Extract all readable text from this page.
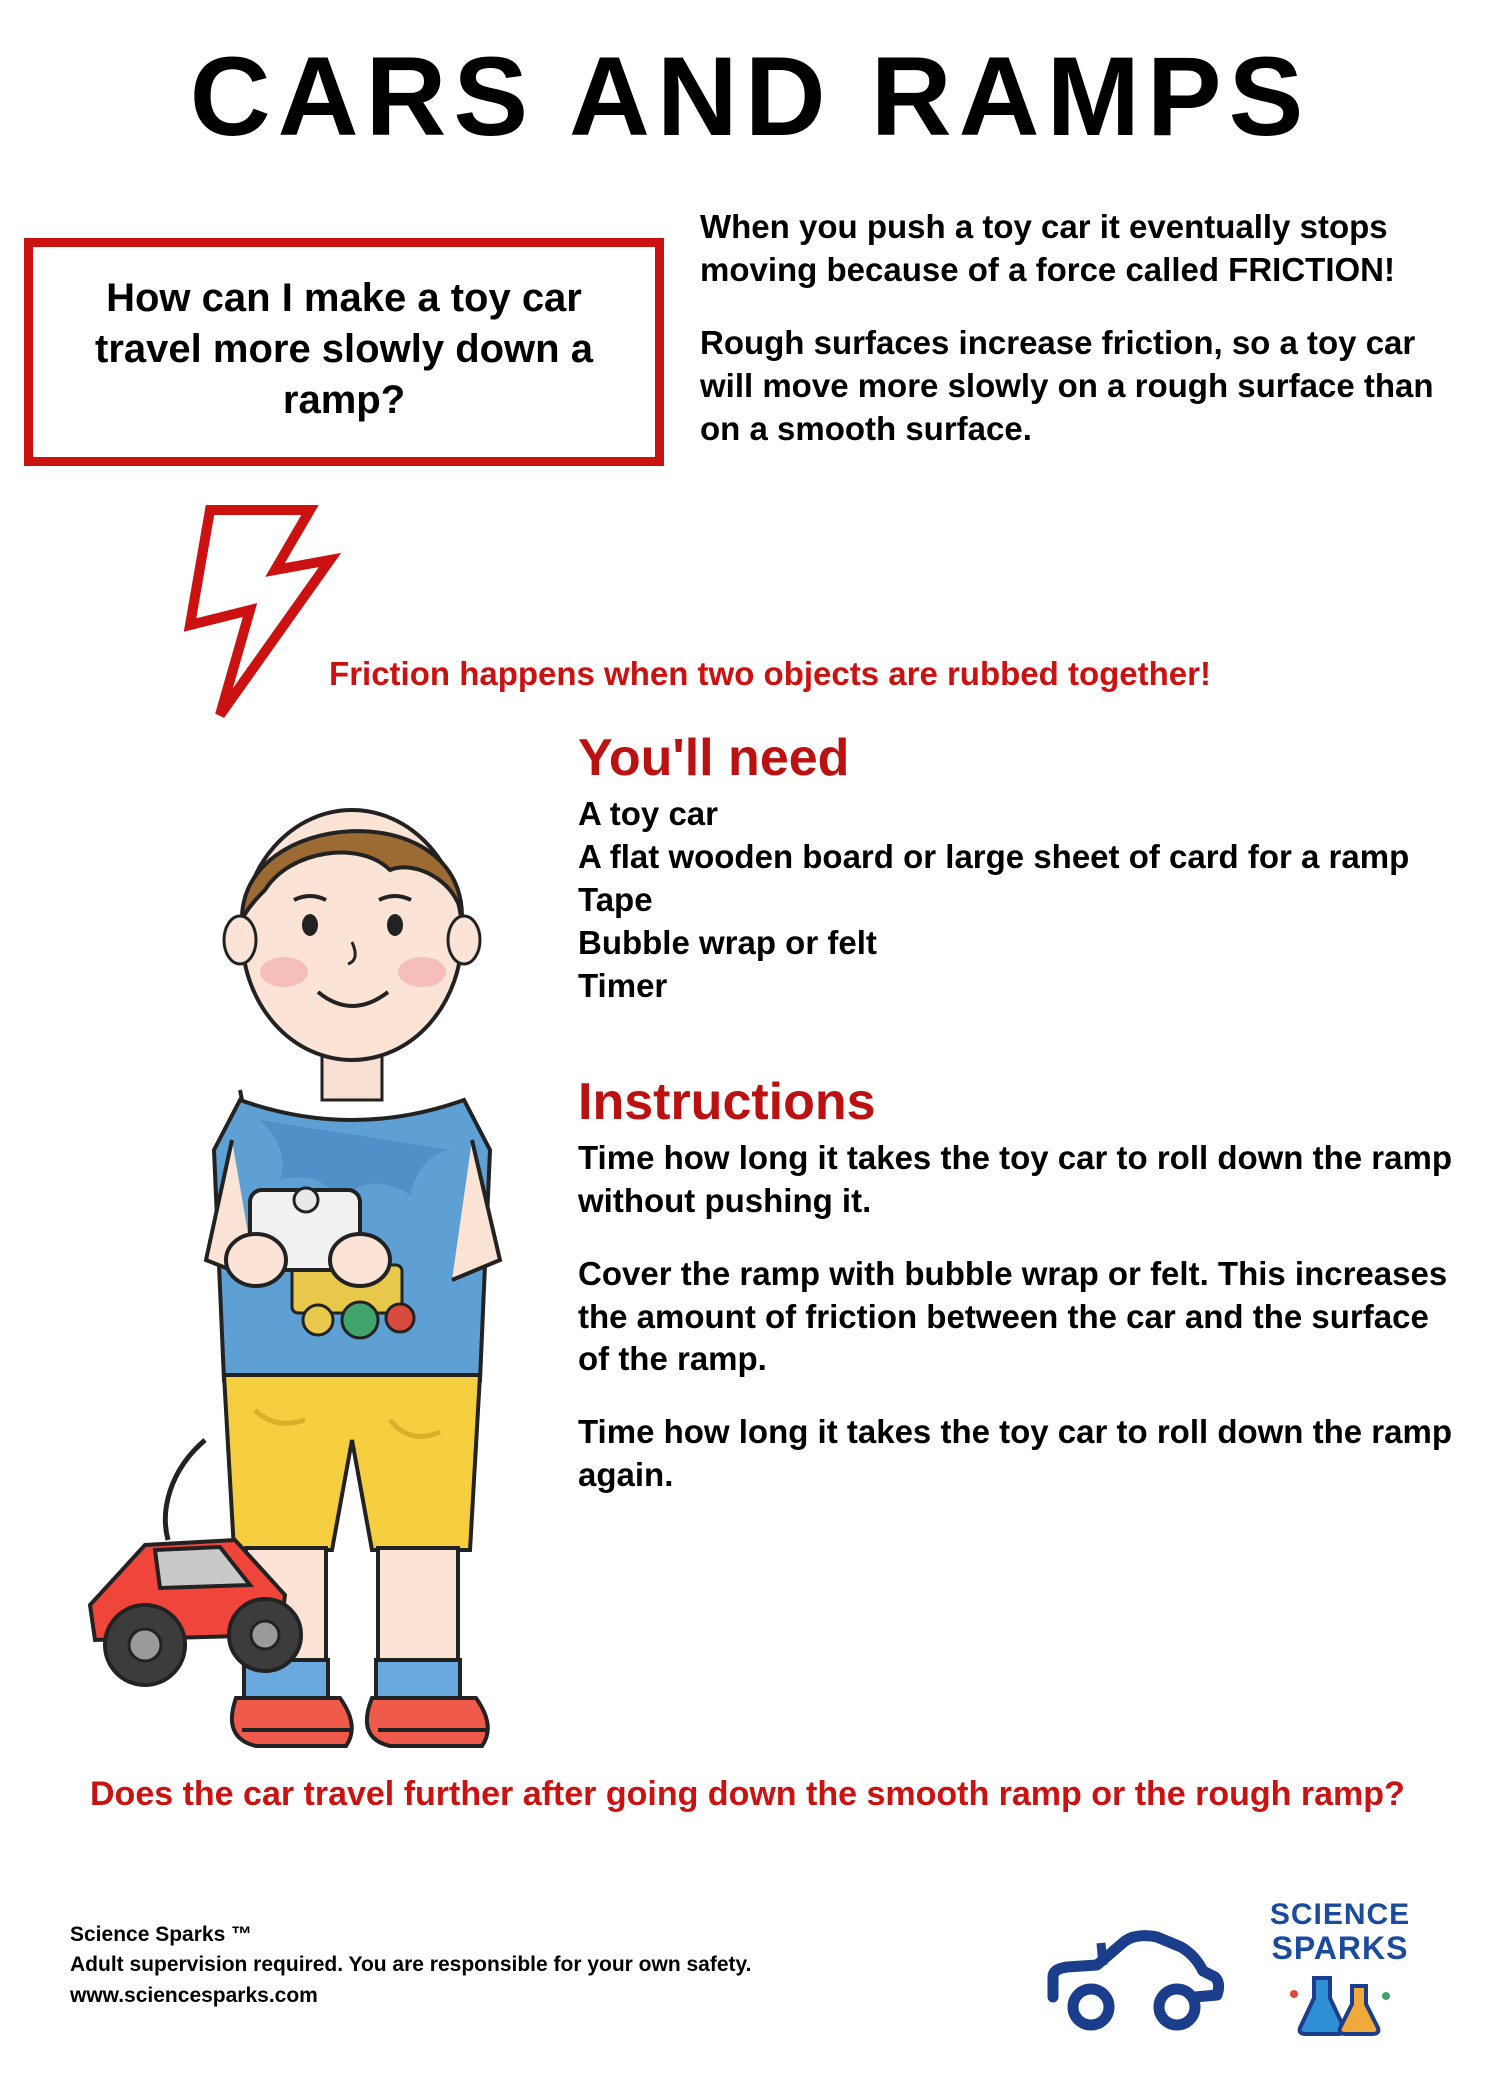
CARS AND RAMPS
How can I make a toy car travel more slowly down a ramp?

When you push a toy car it eventually stops moving because of a force called FRICTION!

Rough surfaces increase friction, so a toy car will move more slowly on a rough surface than on a smooth surface.

Friction happens when two objects are rubbed together!
You'll need
A toy car
A flat wooden board or large sheet of card for a ramp
Tape
Bubble wrap or felt
Timer
Instructions

Time how long it takes the toy car to roll down the ramp without pushing it.

Cover the ramp with bubble wrap or felt. This increases the amount of friction between the car and the surface of the ramp.

Time how long it takes the toy car to roll down the ramp again.

Does the car travel further after going down the smooth ramp or the rough ramp?
Science Sparks ™
Adult supervision required. You are responsible for your own safety.
www.sciencesparks.com
SCIENCE
SPARKS
